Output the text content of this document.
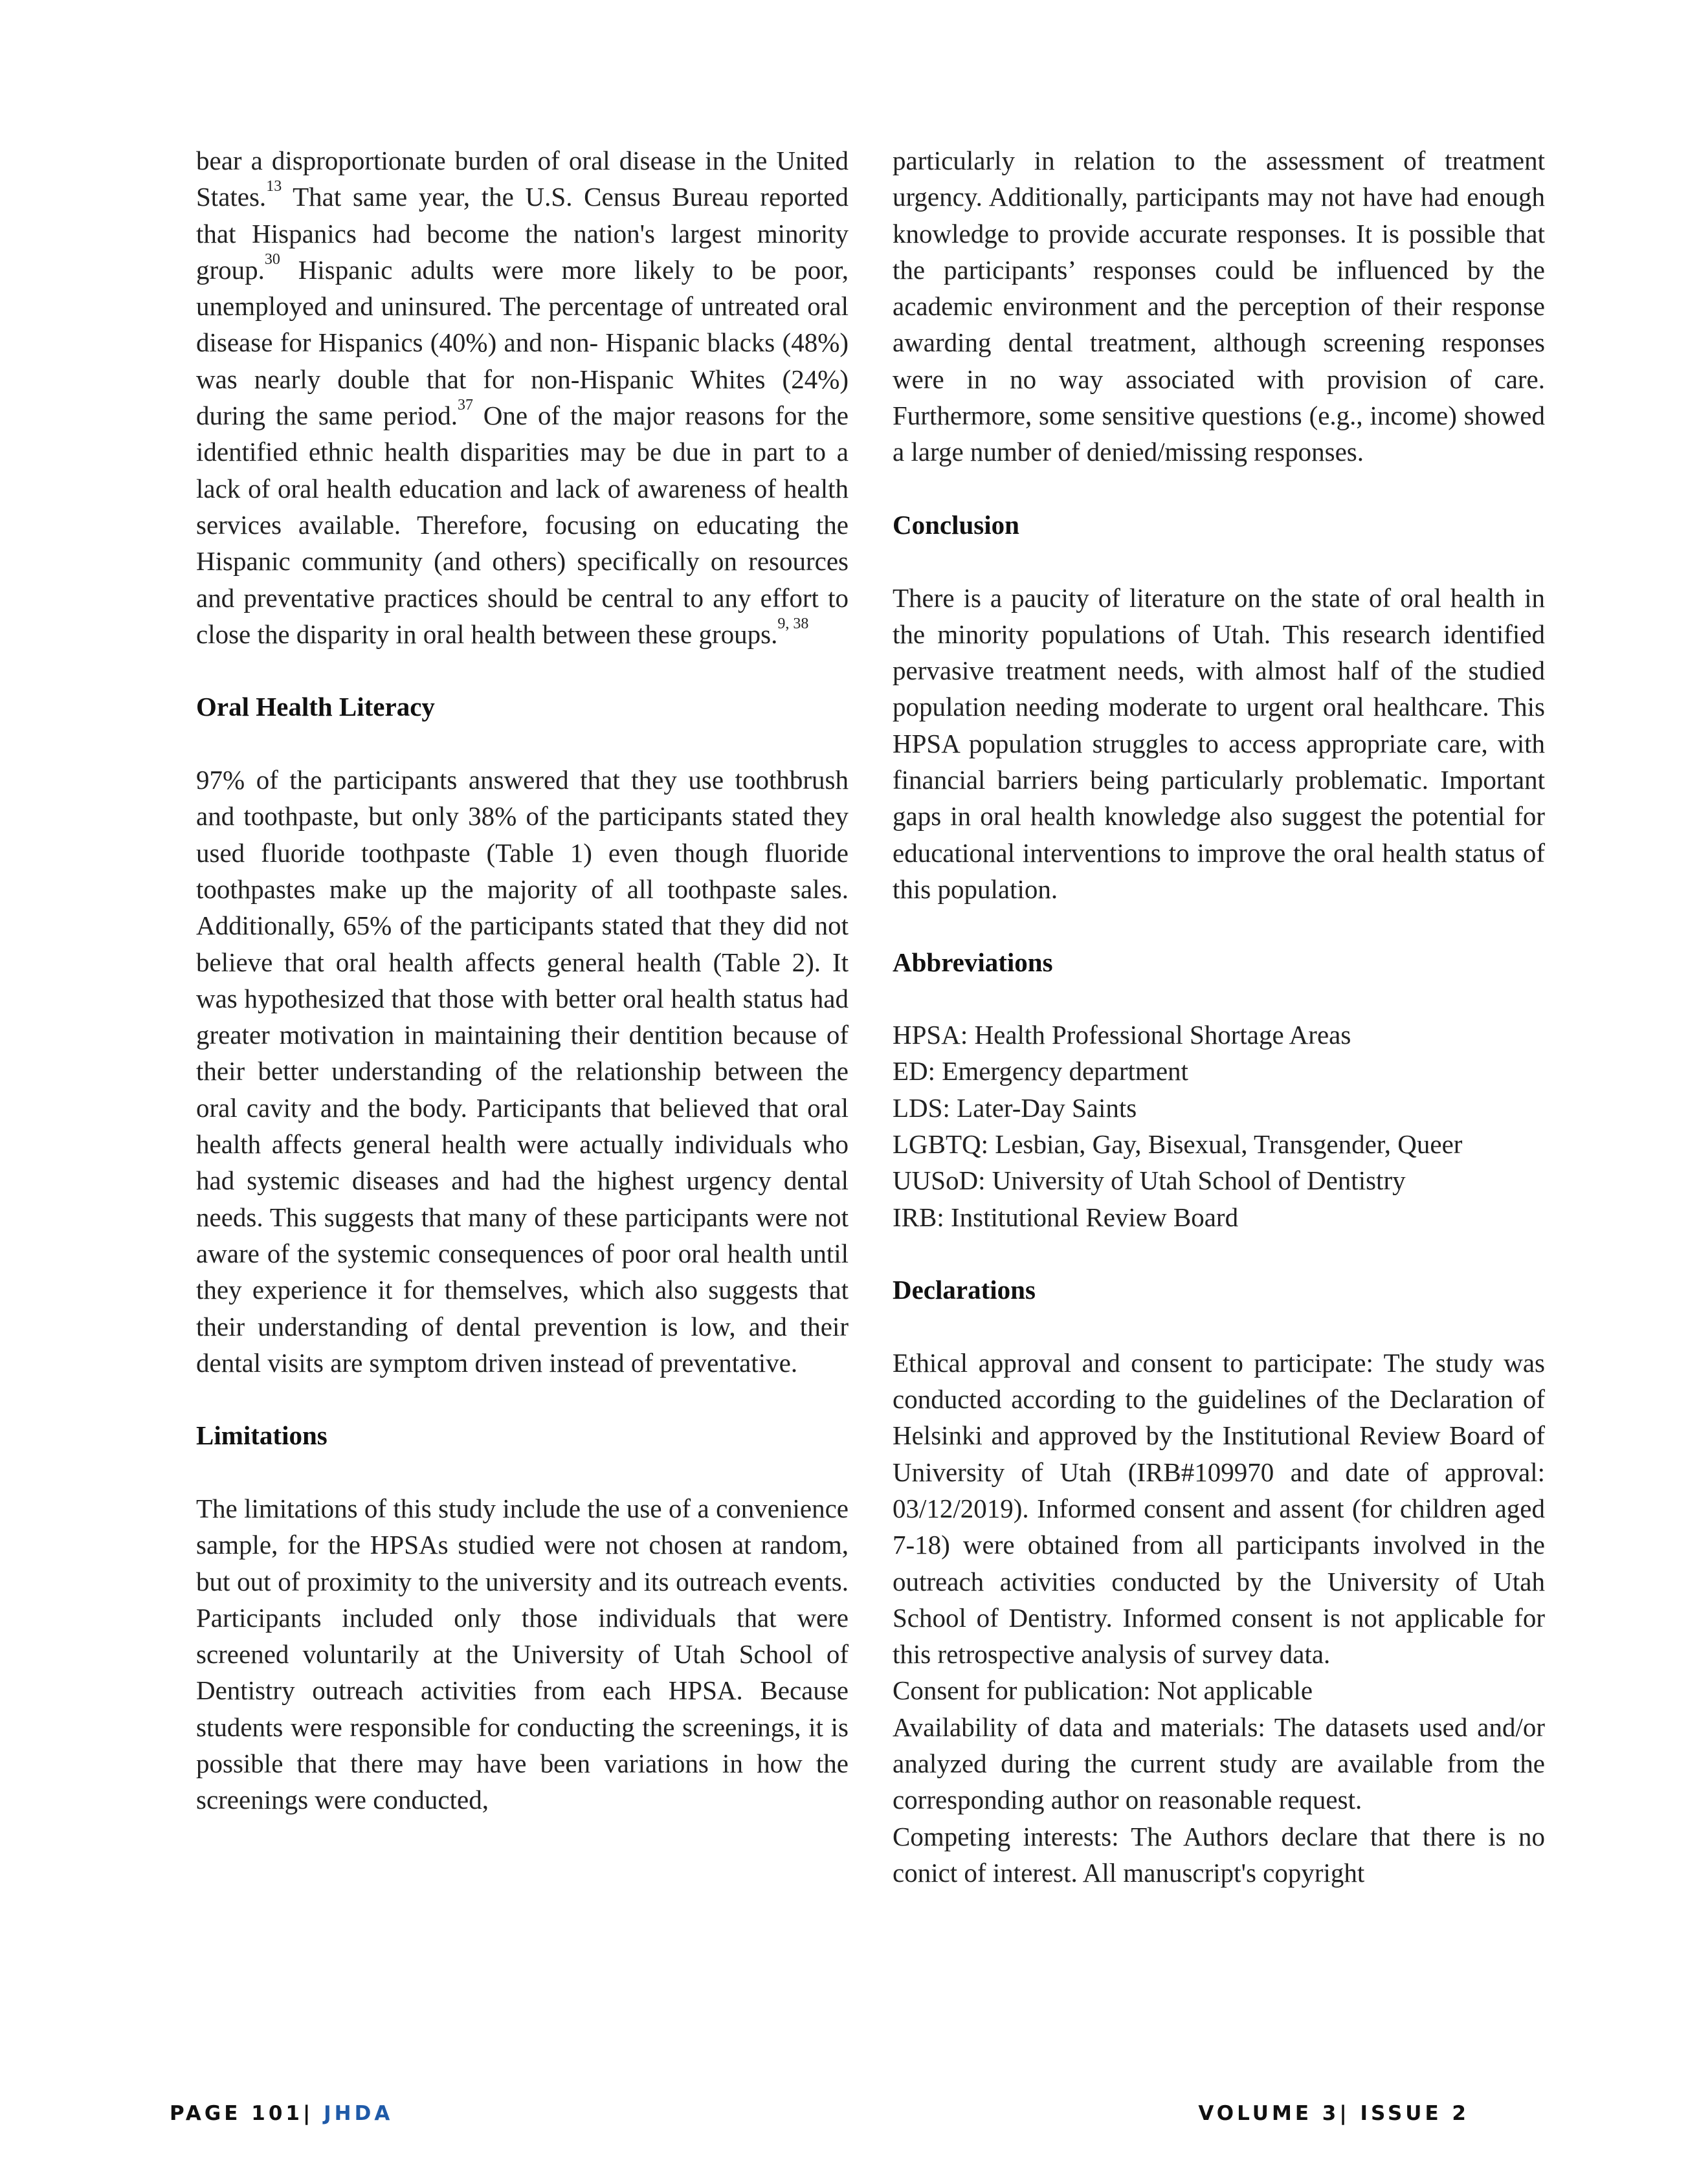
bear a disproportionate burden of oral disease in the United States.$^{13}$ That same year, the U.S. Census Bureau reported that Hispanics had become the nation's largest minority group.$^{30}$ Hispanic adults were more likely to be poor, unemployed and uninsured. The percentage of untreated oral disease for Hispanics (40%) and non- Hispanic blacks (48%) was nearly double that for non-Hispanic Whites (24%) during the same period.$^{37}$ One of the major reasons for the identified ethnic health disparities may be due in part to a lack of oral health education and lack of awareness of health services available. Therefore, focusing on educating the Hispanic community (and others) specifically on resources and preventative practices should be central to any effort to close the disparity in oral health between these groups.$^{9, 38}$

Oral Health Literacy

97% of the participants answered that they use toothbrush and toothpaste, but only 38% of the participants stated they used fluoride toothpaste (Table 1) even though fluoride toothpastes make up the majority of all toothpaste sales. Additionally, 65% of the participants stated that they did not believe that oral health affects general health (Table 2). It was hypothesized that those with better oral health status had greater motivation in maintaining their dentition because of their better understanding of the relationship between the oral cavity and the body. Participants that believed that oral health affects general health were actually individuals who had systemic diseases and had the highest urgency dental needs. This suggests that many of these participants were not aware of the systemic consequences of poor oral health until they experience it for themselves, which also suggests that their understanding of dental prevention is low, and their dental visits are symptom driven instead of preventative.

Limitations

The limitations of this study include the use of a convenience sample, for the HPSAs studied were not chosen at random, but out of proximity to the university and its outreach events. Participants included only those individuals that were screened voluntarily at the University of Utah School of Dentistry outreach activities from each HPSA. Because students were responsible for conducting the screenings, it is possible that there may have been variations in how the screenings were conducted,

particularly in relation to the assessment of treatment urgency. Additionally, participants may not have had enough knowledge to provide accurate responses. It is possible that the participants’ responses could be influenced by the academic environment and the perception of their response awarding dental treatment, although screening responses were in no way associated with provision of care. Furthermore, some sensitive questions (e.g., income) showed a large number of denied/missing responses.

Conclusion

There is a paucity of literature on the state of oral health in the minority populations of Utah. This research identified pervasive treatment needs, with almost half of the studied population needing moderate to urgent oral healthcare. This HPSA population struggles to access appropriate care, with financial barriers being particularly problematic. Important gaps in oral health knowledge also suggest the potential for educational interventions to improve the oral health status of this population.

Abbreviations
HPSA: Health Professional Shortage Areas
ED: Emergency department
LDS: Later-Day Saints
LGBTQ: Lesbian, Gay, Bisexual, Transgender, Queer
UUSoD: University of Utah School of Dentistry
IRB: Institutional Review Board
Declarations

Ethical approval and consent to participate: The study was conducted according to the guidelines of the Declaration of Helsinki and approved by the Institutional Review Board of University of Utah (IRB#109970 and date of approval: 03/12/2019). Informed consent and assent (for children aged 7-18) were obtained from all participants involved in the outreach activities conducted by the University of Utah School of Dentistry. Informed consent is not applicable for this retrospective analysis of survey data.

Consent for publication: Not applicable

Availability of data and materials: The datasets used and/or analyzed during the current study are available from the corresponding author on reasonable request.

Competing interests: The Authors declare that there is no conict of interest. All manuscript's copyright

PAGE 101| JHDA	VOLUME 3| ISSUE 2
